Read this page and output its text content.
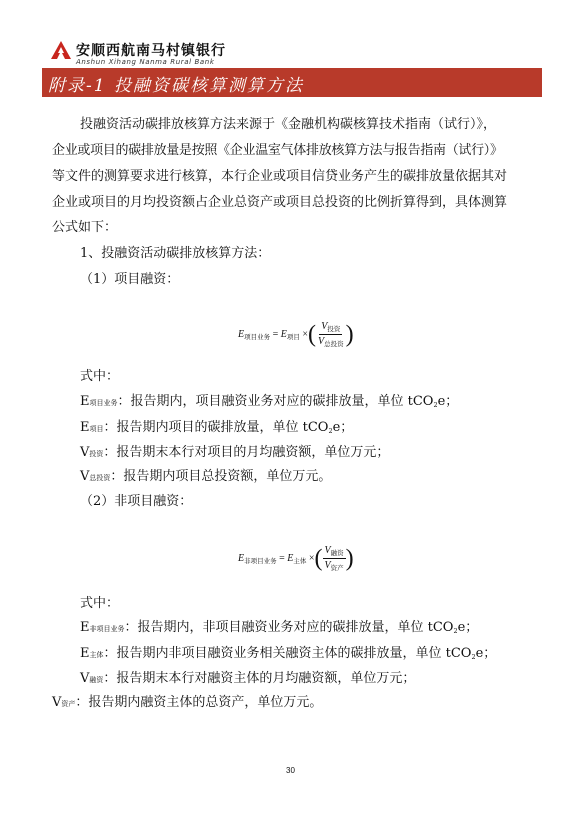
安顺西航南马村镇银行
Anshun Xihang Nanma Rural Bank
附录-1 投融资碳核算测算方法
投融资活动碳排放核算方法来源于《金融机构碳核算技术指南（试行）》，
企业或项目的碳排放量是按照《企业温室气体排放核算方法与报告指南（试行）》
等文件的测算要求进行核算，本行企业或项目信贷业务产生的碳排放量依据其对
企业或项目的月均投资额占企业总资产或项目总投资的比例折算得到，具体测算
公式如下：
1、投融资活动碳排放核算方法：
（1）项目融资：
$E_{项目业务} = E_{项目}$ ×( $\frac{V_{投资}}{V_{总投资}}$ )
式中：
E项目业务：报告期内，项目融资业务对应的碳排放量，单位 tCO$_2$e；
E项目：报告期内项目的碳排放量，单位 tCO$_2$e；
V投资：报告期末本行对项目的月均融资额，单位万元；
V总投资：报告期内项目总投资额，单位万元。
（2）非项目融资：
$E_{非项目业务} = E_{主体}$ ×( $\frac{V_{融资}}{V_{资产}}$ )
式中：
E非项目业务：报告期内，非项目融资业务对应的碳排放量，单位 tCO$_2$e；
E主体：报告期内非项目融资业务相关融资主体的碳排放量，单位 tCO$_2$e；
V融资：报告期末本行对融资主体的月均融资额，单位万元；
V资产：报告期内融资主体的总资产，单位万元。
30
